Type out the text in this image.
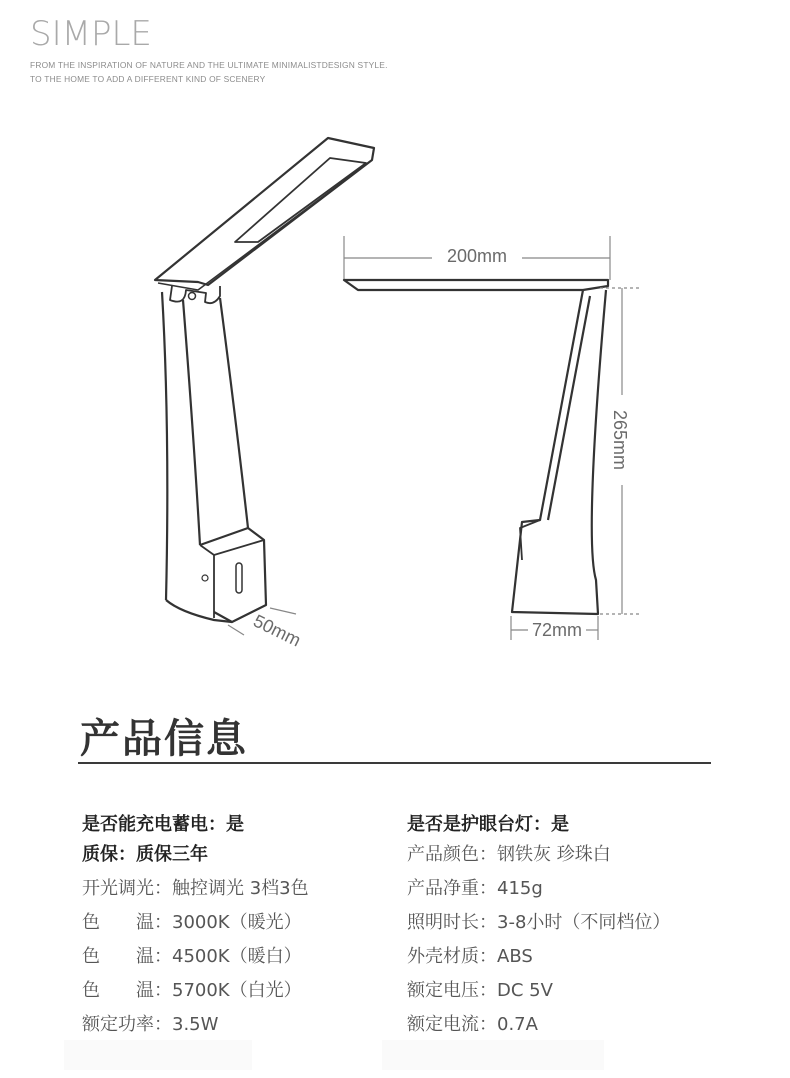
SIMPLE
FROM THE INSPIRATION OF NATURE AND THE ULTIMATE MINIMALISTDESIGN STYLE.
TO THE HOME TO ADD A DIFFERENT KIND OF SCENERY
50mm
200mm
265mm
72mm
产品信息
是否能充电蓄电：是
质保：质保三年
开光调光：触控调光 3档3色
色　　温：3000K（暖光）
色　　温：4500K（暖白）
色　　温：5700K（白光）
额定功率：3.5W
是否是护眼台灯：是
产品颜色：钢铁灰 珍珠白
产品净重：415g
照明时长：3-8小时（不同档位）
外壳材质：ABS
额定电压：DC 5V
额定电流：0.7A
